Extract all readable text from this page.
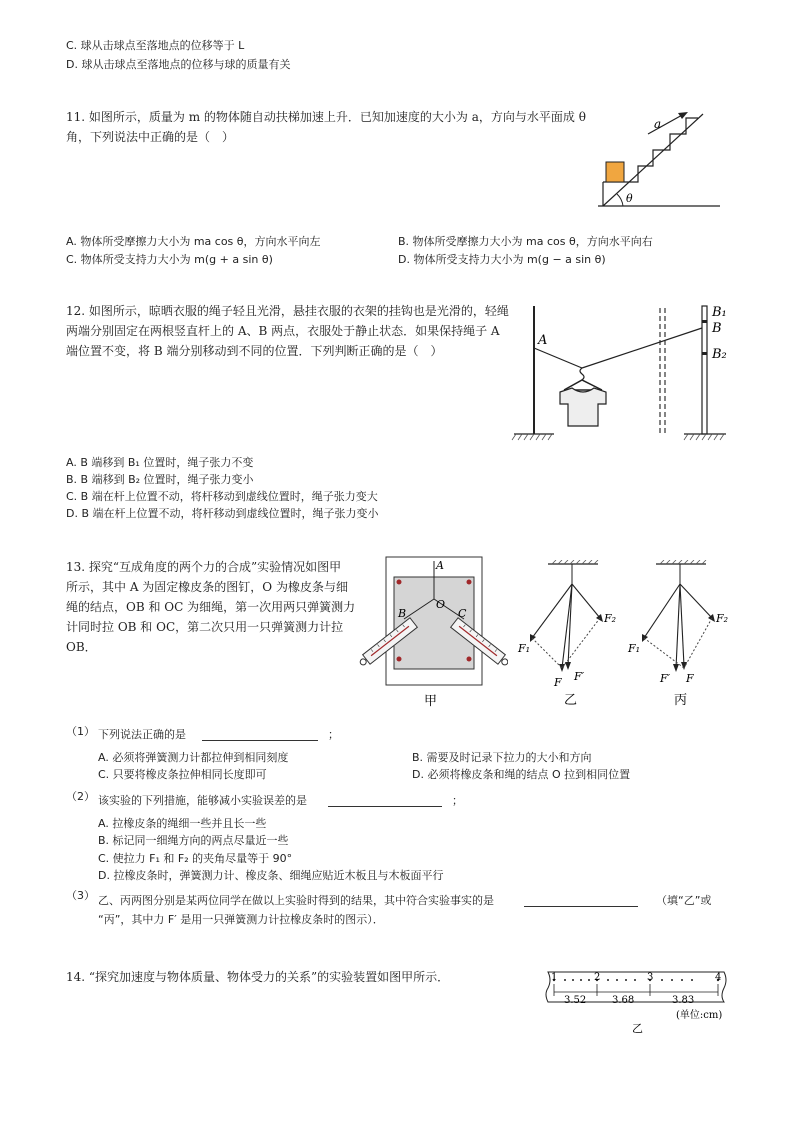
C. 球从击球点至落地点的位移等于 L
D. 球从击球点至落地点的位移与球的质量有关
11. 如图所示，质量为 m 的物体随自动扶梯加速上升．已知加速度的大小为 a，方向与水平面成 θ
角，下列说法中正确的是（　）
a
θ
A. 物体所受摩擦力大小为 ma cos θ，方向水平向左	B. 物体所受摩擦力大小为 ma cos θ，方向水平向右
C. 物体所受支持力大小为 m(g + a sin θ)	D. 物体所受支持力大小为 m(g − a sin θ)
12. 如图所示，晾晒衣服的绳子轻且光滑，悬挂衣服的衣架的挂钩也是光滑的，轻绳
两端分别固定在两根竖直杆上的 A、B 两点，衣服处于静止状态．如果保持绳子 A
端位置不变，将 B 端分别移动到不同的位置．下列判断正确的是（　）
A
B₁
B
B₂
A. B 端移到 B₁ 位置时，绳子张力不变
B. B 端移到 B₂ 位置时，绳子张力变小
C. B 端在杆上位置不动，将杆移动到虚线位置时，绳子张力变大
D. B 端在杆上位置不动，将杆移动到虚线位置时，绳子张力变小
13. 探究“互成角度的两个力的合成”实验情况如图甲
所示，其中 A 为固定橡皮条的图钉，O 为橡皮条与细
绳的结点，OB 和 OC 为细绳，第一次用两只弹簧测力
计同时拉 OB 和 OC，第二次只用一只弹簧测力计拉
OB．
A
O
B	C
甲
F₁
F₂
F F′
乙
F₁
F₂
F′ F
丙
（1） 下列说法正确的是	；
A. 必须将弹簧测力计都拉伸到相同刻度	B. 需要及时记录下拉力的大小和方向
C. 只要将橡皮条拉伸相同长度即可	D. 必须将橡皮条和绳的结点 O 拉到相同位置
（2） 该实验的下列措施，能够减小实验误差的是	；
A. 拉橡皮条的绳细一些并且长一些
B. 标记同一细绳方向的两点尽量近一些
C. 使拉力 F₁ 和 F₂ 的夹角尽量等于 90°
D. 拉橡皮条时，弹簧测力计、橡皮条、细绳应贴近木板且与木板面平行
（3） 乙、丙两图分别是某两位同学在做以上实验时得到的结果，其中符合实验事实的是	（填“乙”或
“丙”，其中力 F′ 是用一只弹簧测力计拉橡皮条时的图示）．
14. “探究加速度与物体质量、物体受力的关系”的实验装置如图甲所示．	1	2	3	4
3.52	3.68	3.83
(单位:cm)
乙
